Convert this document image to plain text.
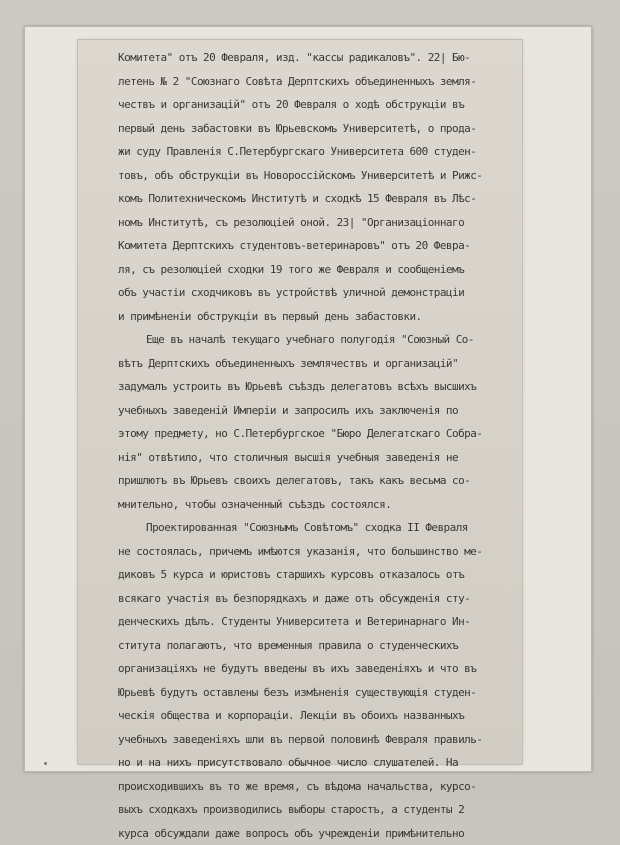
Комитета" отъ 20 Февраля, изд. "кассы радикаловъ". 22| Бю-
летень № 2 "Союзнаго Совѣта Дерптскихъ объединенныхъ земля-
чествъ и организацій" отъ 20 Февраля о ходѣ обструкціи въ
первый день забастовки въ Юрьевскомъ Университетѣ, о прода-
жи суду Правленія С.Петербургскаго Университета 600 студен-
товъ, объ обструкціи въ Новороссійскомъ Университетѣ и Рижс-
комъ Политехническомъ Институтѣ и сходкѣ 15 Февраля въ Лѣс-
номъ Институтѣ, съ резолюціей оной. 23| "Организаціоннаго
Комитета Дерптскихъ студентовъ-ветеринаровъ" отъ 20 Февра-
ля, съ резолюціей сходки 19 того же Февраля и сообщеніемъ
объ участіи сходчиковъ въ устройствѣ уличной демонстраціи
и примѣненіи обструкціи въ первый день забастовки.
Еще въ началѣ текущаго учебнаго полугодія "Союзный Со-
вѣтъ Дерптскихъ объединенныхъ землячествъ и организацій"
задумалъ устроить въ Юрьевѣ съѣздъ делегатовъ всѣхъ высшихъ
учебныхъ заведеній Имперіи и запросилъ ихъ заключенія по
этому предмету, но С.Петербургское "Бюро Делегатскаго Собра-
нія" отвѣтило, что столичныя высшія учебныя заведенія не
пришлютъ въ Юрьевъ своихъ делегатовъ, такъ какъ весьма со-
мнительно, чтобы означенный съѣздъ состоялся.
Проектированная "Союзнымъ Совѣтомъ" сходка II Февраля
не состоялась, причемъ имѣются указанія, что большинство ме-
диковъ 5 курса и юристовъ старшихъ курсовъ отказалось отъ
всякаго участія въ безпорядкахъ и даже отъ обсужденія сту-
денческихъ дѣлъ. Студенты Университета и Ветеринарнаго Ин-
ститута полагаютъ, что временныя правила о студенческихъ
организаціяхъ не будутъ введены въ ихъ заведеніяхъ и что въ
Юрьевѣ будутъ оставлены безъ измѣненія существующія студен-
ческія общества и корпораціи. Лекціи въ обоихъ названныхъ
учебныхъ заведеніяхъ шли въ первой половинѣ Февраля правиль-
но и на нихъ присутствовало обычное число слушателей. На
происходившихъ въ то же время, съ вѣдома начальства, курсо-
выхъ сходкахъ производились выборы старостъ, а студенты 2
курса обсуждали даже вопросъ объ учрежденіи примѣнительно
